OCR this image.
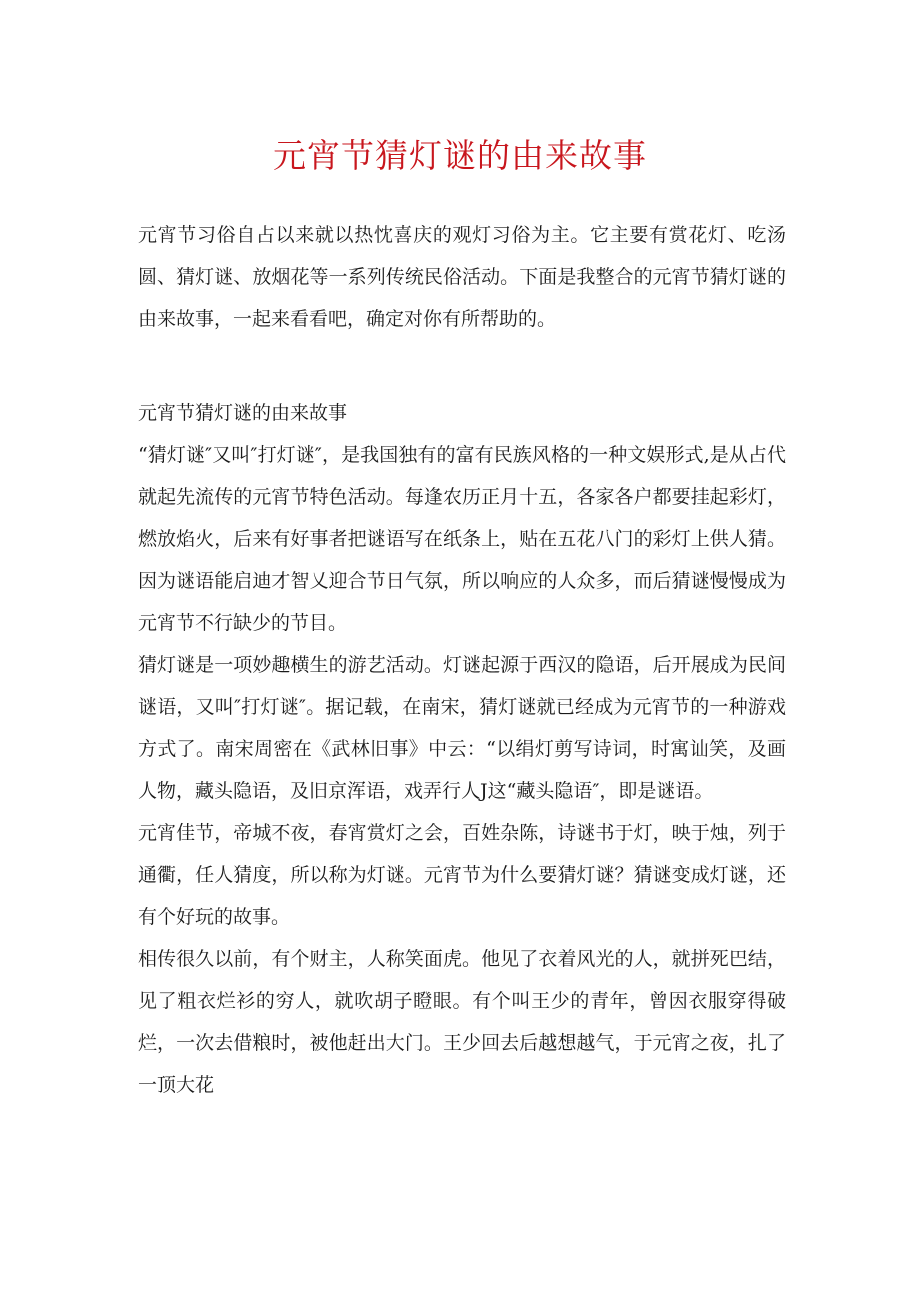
元宵节猜灯谜的由来故事

元宵节习俗自占以来就以热忱喜庆的观灯习俗为主。它主要有赏花灯、吃汤圆、猜灯谜、放烟花等一系列传统民俗活动。下面是我整合的元宵节猜灯谜的由来故事，一起来看看吧，确定对你有所帮助的。

元宵节猜灯谜的由来故事

“猜灯谜″又叫″打灯谜″，是我国独有的富有民族风格的一种文娱形式,是从占代就起先流传的元宵节特色活动。每逢农历正月十五，各家各户都要挂起彩灯，燃放焰火，后来有好事者把谜语写在纸条上，贴在五花八门的彩灯上供人猜。因为谜语能启迪才智乂迎合节日气氛，所以响应的人众多，而后猜谜慢慢成为元宵节不行缺少的节目。

猜灯谜是一项妙趣横生的游艺活动。灯谜起源于西汉的隐语，后开展成为民间谜语，又叫″打灯谜″。据记载，在南宋，猜灯谜就已经成为元宵节的一种游戏方式了。南宋周密在《武林旧事》中云：“以绢灯剪写诗词，时寓讪笑，及画人物，藏头隐语，及旧京浑语，戏弄行人J这“藏头隐语″，即是谜语。

元宵佳节，帝城不夜，春宵赏灯之会，百姓杂陈，诗谜书于灯，映于烛，列于通衢，任人猜度，所以称为灯谜。元宵节为什么要猜灯谜？猜谜变成灯谜，还有个好玩的故事。

相传很久以前，有个财主，人称笑面虎。他见了衣着风光的人，就拼死巴结，见了粗衣烂衫的穷人，就吹胡子瞪眼。有个叫王少的青年，曾因衣服穿得破烂，一次去借粮时，被他赶出大门。王少回去后越想越气，于元宵之夜，扎了一顶大花
